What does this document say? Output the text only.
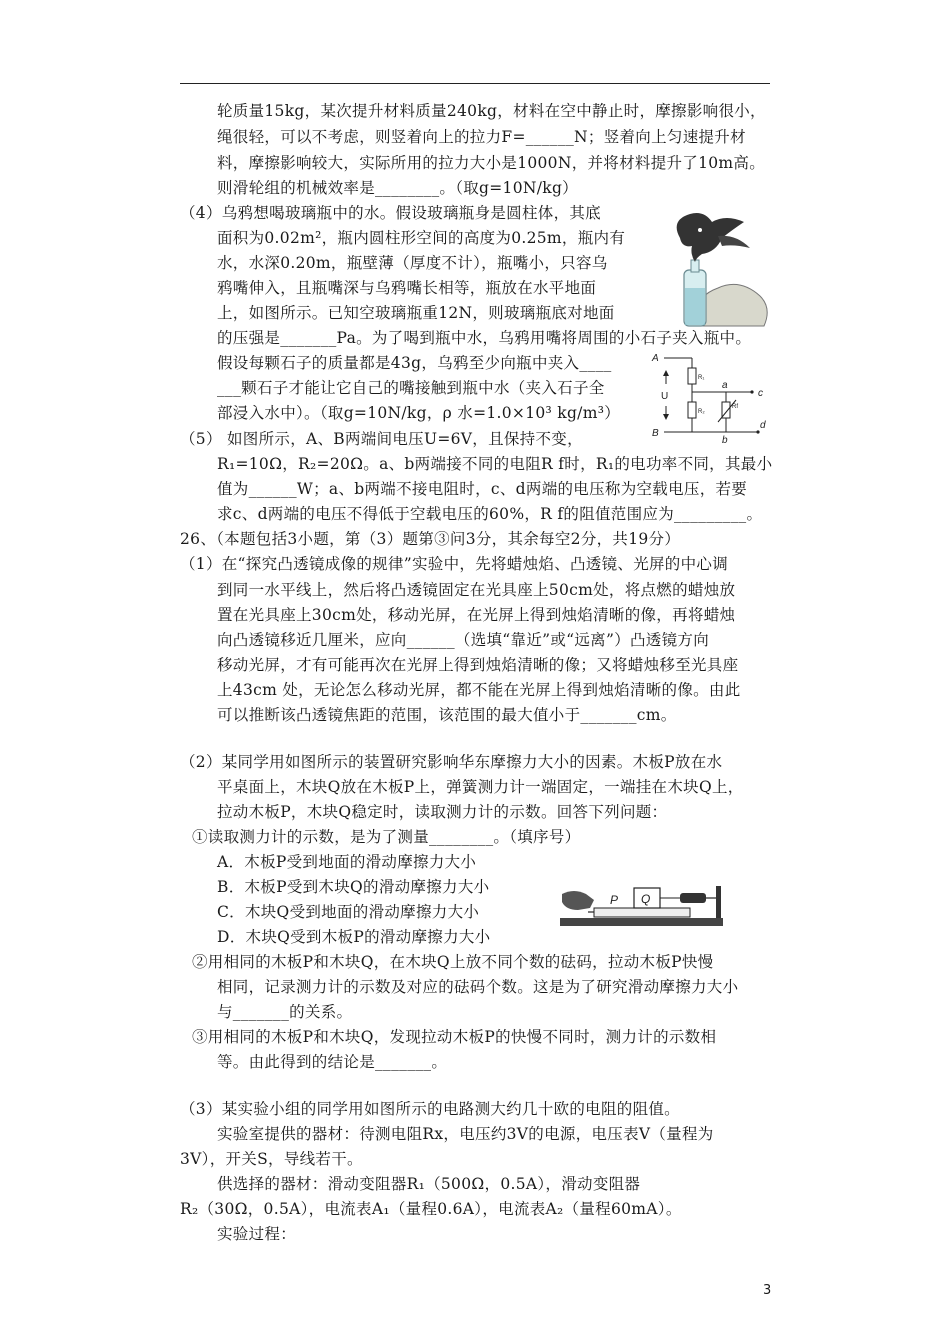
轮质量15kg，某次提升材料质量240kg，材料在空中静止时，摩擦影响很小，
绳很轻，可以不考虑，则竖着向上的拉力F=______N；竖着向上匀速提升材
料，摩擦影响较大，实际所用的拉力大小是1000N，并将材料提升了10m高。
则滑轮组的机械效率是________。（取g=10N/kg）
（4）乌鸦想喝玻璃瓶中的水。假设玻璃瓶身是圆柱体，其底
面积为0.02m²，瓶内圆柱形空间的高度为0.25m，瓶内有
水，水深0.20m，瓶壁薄（厚度不计），瓶嘴小，只容乌
鸦嘴伸入，且瓶嘴深与乌鸦嘴长相等，瓶放在水平地面
上，如图所示。已知空玻璃瓶重12N，则玻璃瓶底对地面
的压强是_______Pa。为了喝到瓶中水，乌鸦用嘴将周围的小石子夹入瓶中。
假设每颗石子的质量都是43g，乌鸦至少向瓶中夹入____
___颗石子才能让它自己的嘴接触到瓶中水（夹入石子全
部浸入水中）。（取g=10N/kg，ρ 水=1.0×10³ kg/m³）
（5） 如图所示，A、B两端间电压U=6V，且保持不变，
R₁=10Ω，R₂=20Ω。a、b两端接不同的电阻R f时，R₁的电功率不同，其最小
值为______W；a、b两端不接电阻时，c、d两端的电压称为空载电压，若要
求c、d两端的电压不得低于空载电压的60%，R f的阻值范围应为_________。
26、（本题包括3小题，第（3）题第③问3分，其余每空2分，共19分）
（1）在“探究凸透镜成像的规律”实验中，先将蜡烛焰、凸透镜、光屏的中心调
到同一水平线上，然后将凸透镜固定在光具座上50cm处，将点燃的蜡烛放
置在光具座上30cm处，移动光屏，在光屏上得到烛焰清晰的像，再将蜡烛
向凸透镜移近几厘米，应向______（选填“靠近”或“远离”）凸透镜方向
移动光屏，才有可能再次在光屏上得到烛焰清晰的像；又将蜡烛移至光具座
上43cm 处，无论怎么移动光屏，都不能在光屏上得到烛焰清晰的像。由此
可以推断该凸透镜焦距的范围，该范围的最大值小于_______cm。
（2）某同学用如图所示的装置研究影响华东摩擦力大小的因素。木板P放在水
平桌面上，木块Q放在木板P上，弹簧测力计一端固定，一端挂在木块Q上，
拉动木板P，木块Q稳定时，读取测力计的示数。回答下列问题：
①读取测力计的示数，是为了测量________。（填序号）
A．木板P受到地面的滑动摩擦力大小
B．木板P受到木块Q的滑动摩擦力大小
C．木块Q受到地面的滑动摩擦力大小
D．木块Q受到木板P的滑动摩擦力大小
②用相同的木板P和木块Q，在木块Q上放不同个数的砝码，拉动木板P快慢
相同，记录测力计的示数及对应的砝码个数。这是为了研究滑动摩擦力大小
与_______的关系。
③用相同的木板P和木块Q，发现拉动木板P的快慢不同时，测力计的示数相
等。由此得到的结论是_______。
（3）某实验小组的同学用如图所示的电路测大约几十欧的电阻的阻值。
实验室提供的器材：待测电阻Rx，电压约3V的电源，电压表V（量程为
3V），开关S，导线若干。
供选择的器材：滑动变阻器R₁（500Ω，0.5A），滑动变阻器
R₂（30Ω，0.5A），电流表A₁（量程0.6A），电流表A₂（量程60mA）。
实验过程：
A
B
U
a
b
c
d
R₁
R₂
Rf
P Q
3
